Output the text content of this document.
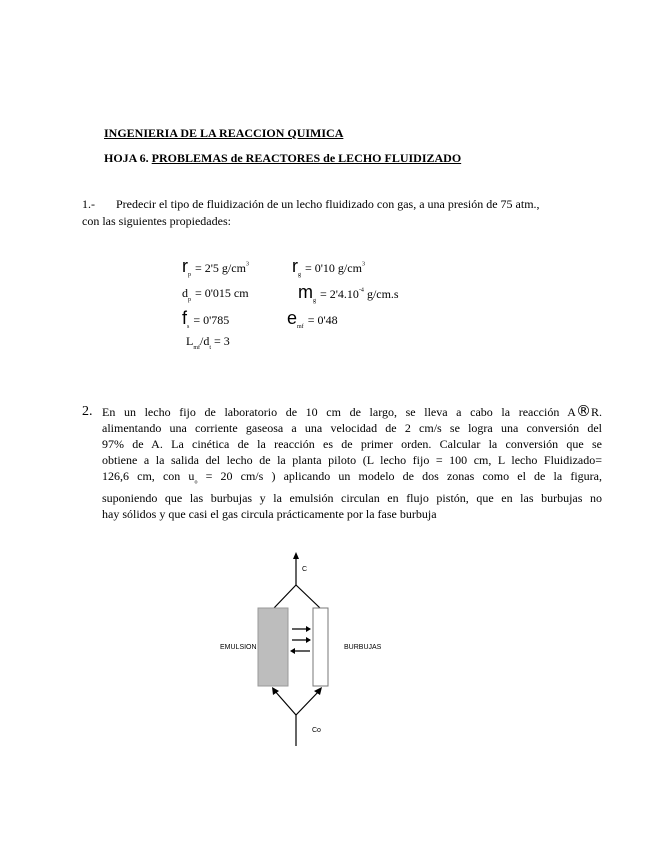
INGENIERIA DE LA REACCION QUIMICA
HOJA 6. PROBLEMAS de REACTORES de LECHO FLUIDIZADO
1.- Predecir el tipo de fluidización de un lecho fluidizado con gas, a una presión de 75 atm.,
con las siguientes propiedades:
$r_p = 2'5$ $g/cm^3$ $r_g = 0'10$ $g/cm^3$
$d_p = 0'015$ cm	$m_g = 2'4.10^{-4}$ g/cm.s
$f_s = 0'785$	$e_{mf} = 0'48$
$L_{mf}/d_t = 3$
2. En un lecho fijo de laboratorio de 10 cm de largo, se lleva a cabo la reacción A®R.
alimentando una corriente gaseosa a una velocidad de 2 cm/s se logra una conversión del
97% de A. La cinética de la reacción es de primer orden. Calcular la conversión que se
obtiene a la salida del lecho de la planta piloto (L lecho fijo = 100 cm, L lecho Fluidizado=
126,6 cm, con $u_o = 20$ cm/s ) aplicando un modelo de dos zonas como el de la figura,
suponiendo que las burbujas y la emulsión circulan en flujo pistón, que en las burbujas no
hay sólidos y que casi el gas circula prácticamente por la fase burbuja
EMULSION	BURBUJAS
C
Co
